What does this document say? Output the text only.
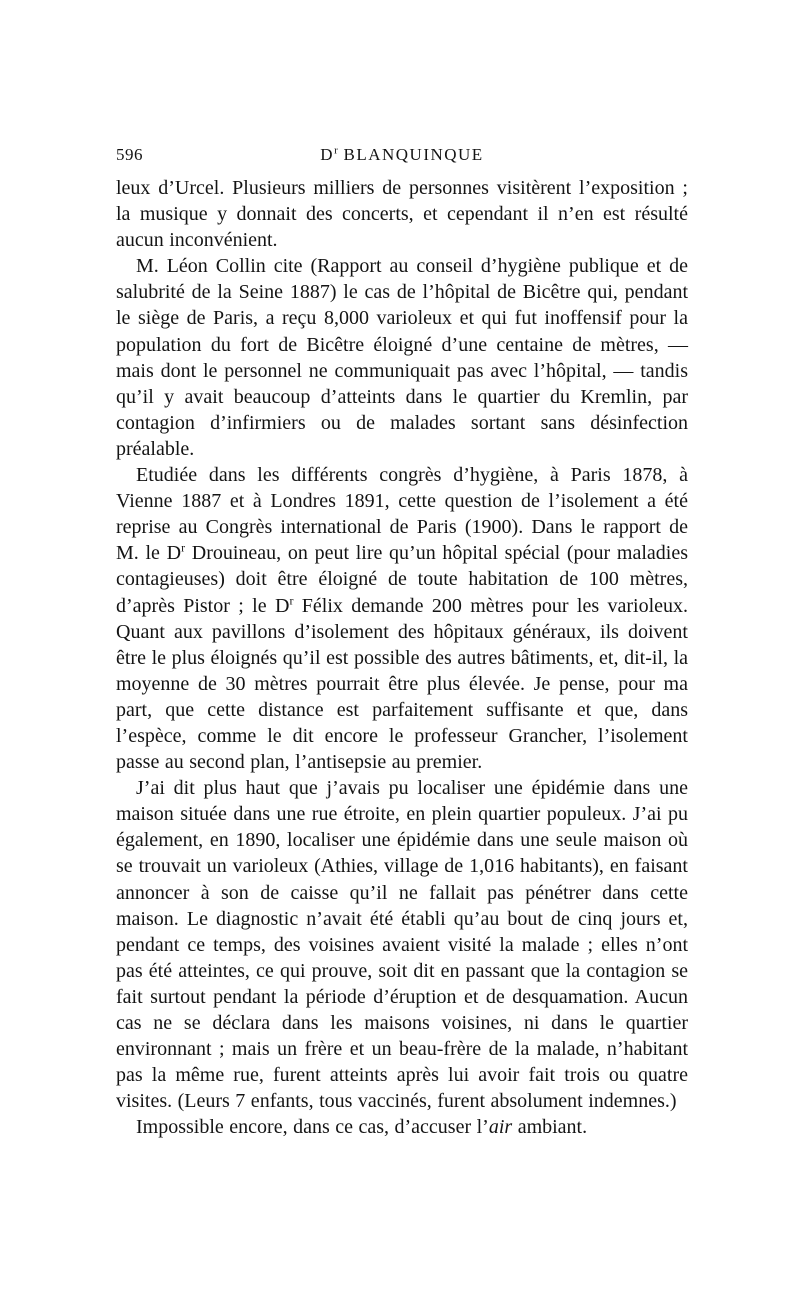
596	$D^r$ BLANQUINQUE

leux d’Urcel. Plusieurs milliers de personnes visitèrent l’exposition ; la musique y donnait des concerts, et cependant il n’en est résulté aucun inconvénient.

M. Léon Collin cite (Rapport au conseil d’hygiène publique et de salubrité de la Seine 1887) le cas de l’hôpital de Bicêtre qui, pendant le siège de Paris, a reçu 8,000 varioleux et qui fut inoffensif pour la population du fort de Bicêtre éloigné d’une centaine de mètres, — mais dont le personnel ne communiquait pas avec l’hôpital, — tandis qu’il y avait beaucoup d’atteints dans le quartier du Kremlin, par contagion d’infirmiers ou de malades sortant sans désinfection préalable.

Etudiée dans les différents congrès d’hygiène, à Paris 1878, à Vienne 1887 et à Londres 1891, cette question de l’isolement a été reprise au Congrès international de Paris (1900). Dans le rapport de M. le $D^r$ Drouineau, on peut lire qu’un hôpital spécial (pour maladies contagieuses) doit être éloigné de toute habitation de 100 mètres, d’après Pistor ; le $D^r$ Félix demande 200 mètres pour les varioleux. Quant aux pavillons d’isolement des hôpitaux généraux, ils doivent être le plus éloignés qu’il est possible des autres bâtiments, et, dit-il, la moyenne de 30 mètres pourrait être plus élevée. Je pense, pour ma part, que cette distance est parfaitement suffisante et que, dans l’espèce, comme le dit encore le professeur Grancher, l’isolement passe au second plan, l’antisepsie au premier.

J’ai dit plus haut que j’avais pu localiser une épidémie dans une maison située dans une rue étroite, en plein quartier populeux. J’ai pu également, en 1890, localiser une épidémie dans une seule maison où se trouvait un varioleux (Athies, village de 1,016 habitants), en faisant annoncer à son de caisse qu’il ne fallait pas pénétrer dans cette maison. Le diagnostic n’avait été établi qu’au bout de cinq jours et, pendant ce temps, des voisines avaient visité la malade ; elles n’ont pas été atteintes, ce qui prouve, soit dit en passant que la contagion se fait surtout pendant la période d’éruption et de desquamation. Aucun cas ne se déclara dans les maisons voisines, ni dans le quartier environnant ; mais un frère et un beau-frère de la malade, n’habitant pas la même rue, furent atteints après lui avoir fait trois ou quatre visites. (Leurs 7 enfants, tous vaccinés, furent absolument indemnes.)

Impossible encore, dans ce cas, d’accuser l’air ambiant.
